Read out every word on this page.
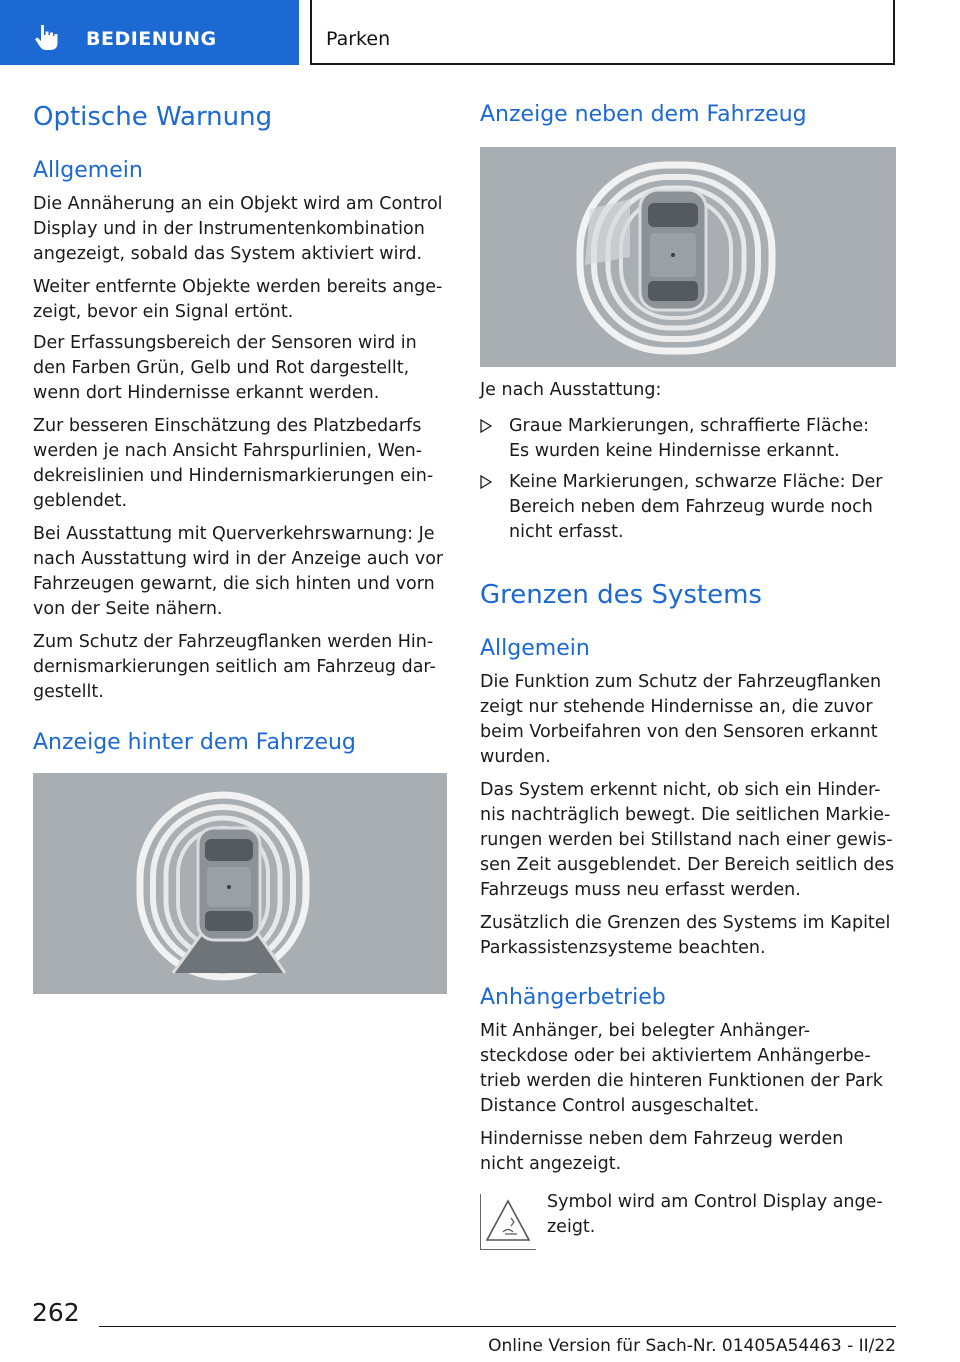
BEDIENUNG	Parken
Optische Warnung
Allgemein
Die Annäherung an ein Objekt wird am Control
Display und in der Instrumentenkombination
angezeigt, sobald das System aktiviert wird.
Weiter entfernte Objekte werden bereits ange-
zeigt, bevor ein Signal ertönt.
Der Erfassungsbereich der Sensoren wird in
den Farben Grün, Gelb und Rot dargestellt,
wenn dort Hindernisse erkannt werden.
Zur besseren Einschätzung des Platzbedarfs
werden je nach Ansicht Fahrspurlinien, Wen-
dekreislinien und Hindernismarkierungen ein-
geblendet.
Bei Ausstattung mit Querverkehrswarnung: Je
nach Ausstattung wird in der Anzeige auch vor
Fahrzeugen gewarnt, die sich hinten und vorn
von der Seite nähern.
Zum Schutz der Fahrzeugflanken werden Hin-
dernismarkierungen seitlich am Fahrzeug dar-
gestellt.
Anzeige hinter dem Fahrzeug
Anzeige neben dem Fahrzeug
Je nach Ausstattung:
Graue Markierungen, schraffierte Fläche:
Es wurden keine Hindernisse erkannt.
Keine Markierungen, schwarze Fläche: Der
Bereich neben dem Fahrzeug wurde noch
nicht erfasst.
Grenzen des Systems
Allgemein
Die Funktion zum Schutz der Fahrzeugflanken
zeigt nur stehende Hindernisse an, die zuvor
beim Vorbeifahren von den Sensoren erkannt
wurden.
Das System erkennt nicht, ob sich ein Hinder-
nis nachträglich bewegt. Die seitlichen Markie-
rungen werden bei Stillstand nach einer gewis-
sen Zeit ausgeblendet. Der Bereich seitlich des
Fahrzeugs muss neu erfasst werden.
Zusätzlich die Grenzen des Systems im Kapitel
Parkassistenzsysteme beachten.
Anhängerbetrieb
Mit Anhänger, bei belegter Anhänger-
steckdose oder bei aktiviertem Anhängerbe-
trieb werden die hinteren Funktionen der Park
Distance Control ausgeschaltet.
Hindernisse neben dem Fahrzeug werden
nicht angezeigt.
Symbol wird am Control Display ange-
zeigt.
262
Online Version für Sach-Nr. 01405A54463 - II/22
